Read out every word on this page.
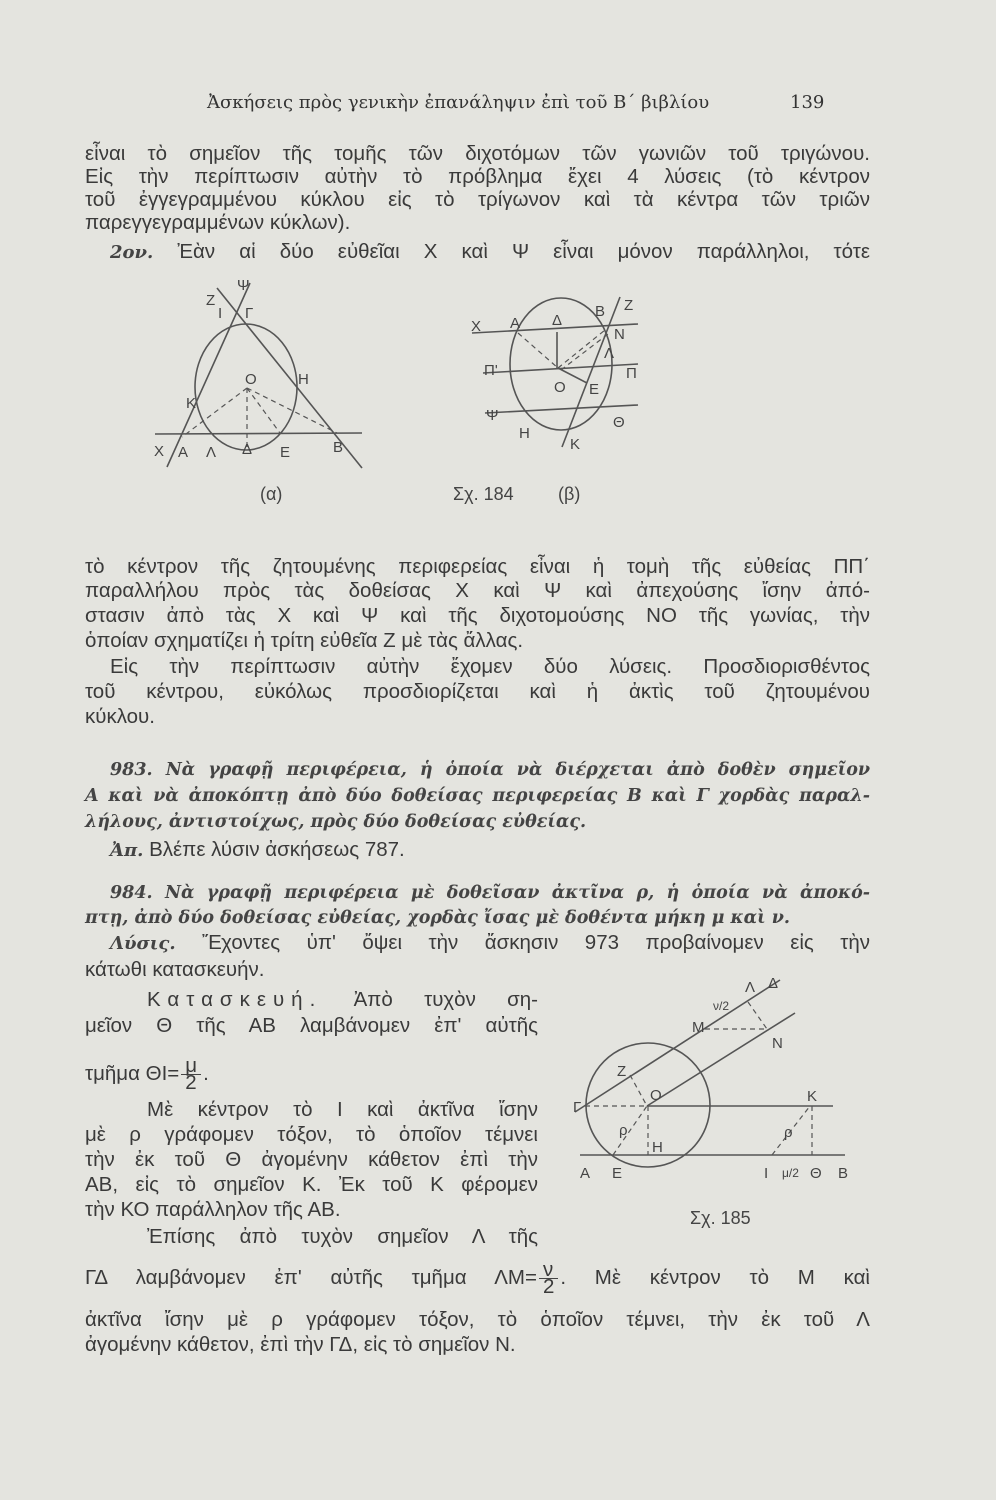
Ἀσκήσεις πρὸς γενικὴν ἐπανάληψιν ἐπὶ τοῦ Β΄ βιβλίου	139
εἶναι τὸ σημεῖον τῆς τομῆς τῶν διχοτόμων τῶν γωνιῶν τοῦ τριγώνου.
Εἰς τὴν περίπτωσιν αὐτὴν τὸ πρόβλημα ἔχει 4 λύσεις (τὸ κέντρον
τοῦ ἐγγεγραμμένου κύκλου εἰς τὸ τρίγωνον καὶ τὰ κέντρα τῶν τριῶν
παρεγγεγραμμένων κύκλων).
2ον. Ἐὰν αἱ δύο εὐθεῖαι Χ καὶ Ψ εἶναι μόνον παράλληλοι, τότε
Ζ
Ψ
Ι Γ
Ο	Η
Κ
Χ Α Λ Δ Ε	Β
Χ Α Δ
Β Ζ
Ν
Λ
Π'	Π
Ο Ε
Ψ	Θ
Η
Κ
(α)	Σχ. 184 (β)
Λ Δ
ν/2
Μ
Ν
Ζ
Ο
Γ
Κ
ρ	ρ
Η
Α Ε	Ι μ/2 Θ Β
Σχ. 185
τὸ κέντρον τῆς ζητουμένης περιφερείας εἶναι ἡ τομὴ τῆς εὐθείας ΠΠ΄
παραλλήλου πρὸς τὰς δοθείσας Χ καὶ Ψ καὶ ἀπεχούσης ἴσην ἀπό-
στασιν ἀπὸ τὰς Χ καὶ Ψ καὶ τῆς διχοτομούσης ΝΟ τῆς γωνίας, τὴν
ὁποίαν σχηματίζει ἡ τρίτη εὐθεῖα Ζ μὲ τὰς ἄλλας.
Εἰς τὴν περίπτωσιν αὐτὴν ἔχομεν δύο λύσεις. Προσδιορισθέντος
τοῦ κέντρου, εὐκόλως προσδιορίζεται καὶ ἡ ἀκτὶς τοῦ ζητουμένου
κύκλου.
983. Νὰ γραφῇ περιφέρεια, ἡ ὁποία νὰ διέρχεται ἀπὸ δοθὲν σημεῖον
Α καὶ νὰ ἀποκόπτῃ ἀπὸ δύο δοθείσας περιφερείας Β καὶ Γ χορδὰς παραλ-
λήλους, ἀντιστοίχως, πρὸς δύο δοθείσας εὐθείας.
Ἀπ. Βλέπε λύσιν ἀσκήσεως 787.
984. Νὰ γραφῇ περιφέρεια μὲ δοθεῖσαν ἀκτῖνα ρ, ἡ ὁποία νὰ ἀποκό-
πτῃ, ἀπὸ δύο δοθείσας εὐθείας, χορδὰς ἴσας μὲ δοθέντα μήκη μ καὶ ν.
Λύσις. Ἔχοντες ὑπ' ὄψει τὴν ἄσκησιν 973 προβαίνομεν εἰς τὴν
κάτωθι κατασκευήν.
Κατασκευή. Ἀπὸ τυχὸν ση-
μεῖον Θ τῆς ΑΒ λαμβάνομεν ἐπ' αὐτῆς
τμῆμα $\Theta I= \frac{\mu}{2}$ .
Μὲ κέντρον τὸ Ι καὶ ἀκτῖνα ἴσην
μὲ ρ γράφομεν τόξον, τὸ ὁποῖον τέμνει
τὴν ἐκ τοῦ Θ ἀγομένην κάθετον ἐπὶ τὴν
ΑΒ, εἰς τὸ σημεῖον Κ. Ἐκ τοῦ Κ φέρομεν
τὴν ΚΟ παράλληλον τῆς ΑΒ.
Ἐπίσης ἀπὸ τυχὸν σημεῖον Λ τῆς
ΓΔ λαμβάνομεν ἐπ' αὐτῆς τμῆμα $\Lambda M= \frac{\nu}{2}$ . Μὲ κέντρον τὸ Μ καὶ
ἀκτῖνα ἴσην μὲ ρ γράφομεν τόξον, τὸ ὁποῖον τέμνει, τὴν ἐκ τοῦ Λ
ἀγομένην κάθετον, ἐπὶ τὴν ΓΔ, εἰς τὸ σημεῖον Ν.
